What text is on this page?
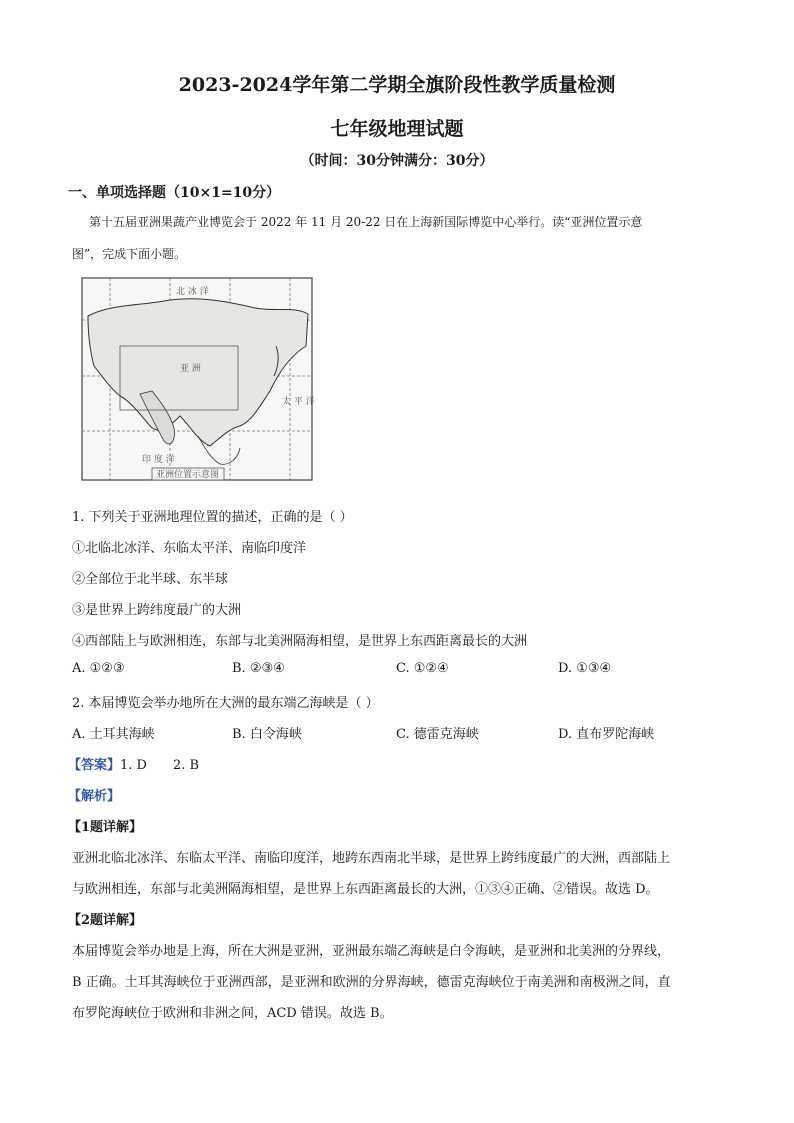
2023-2024学年第二学期全旗阶段性教学质量检测
七年级地理试题
（时间：30分钟满分：30分）
一、单项选择题（10×1=10分）
第十五届亚洲果蔬产业博览会于 2022 年 11 月 20-22 日在上海新国际博览中心举行。读“亚洲位置示意
图”，完成下面小题。
亚 洲
北 冰 洋
太 平 洋
印 度 洋
亚洲位置示意图
1. 下列关于亚洲地理位置的描述，正确的是（ ）
①北临北冰洋、东临太平洋、南临印度洋
②全部位于北半球、东半球
③是世界上跨纬度最广的大洲
④西部陆上与欧洲相连，东部与北美洲隔海相望，是世界上东西距离最长的大洲
A. ①②③	B. ②③④	C. ①②④	D. ①③④
2. 本届博览会举办地所在大洲的最东端乙海峡是（ ）
A. 土耳其海峡	B. 白令海峡	C. 德雷克海峡	D. 直布罗陀海峡
【答案】1. D 2. B
【解析】
【1题详解】
亚洲北临北冰洋、东临太平洋、南临印度洋，地跨东西南北半球，是世界上跨纬度最广的大洲，西部陆上
与欧洲相连，东部与北美洲隔海相望，是世界上东西距离最长的大洲，①③④正确、②错误。故选 D。
【2题详解】
本届博览会举办地是上海，所在大洲是亚洲，亚洲最东端乙海峡是白令海峡，是亚洲和北美洲的分界线，
B 正确。土耳其海峡位于亚洲西部，是亚洲和欧洲的分界海峡，德雷克海峡位于南美洲和南极洲之间，直
布罗陀海峡位于欧洲和非洲之间，ACD 错误。故选 B。
